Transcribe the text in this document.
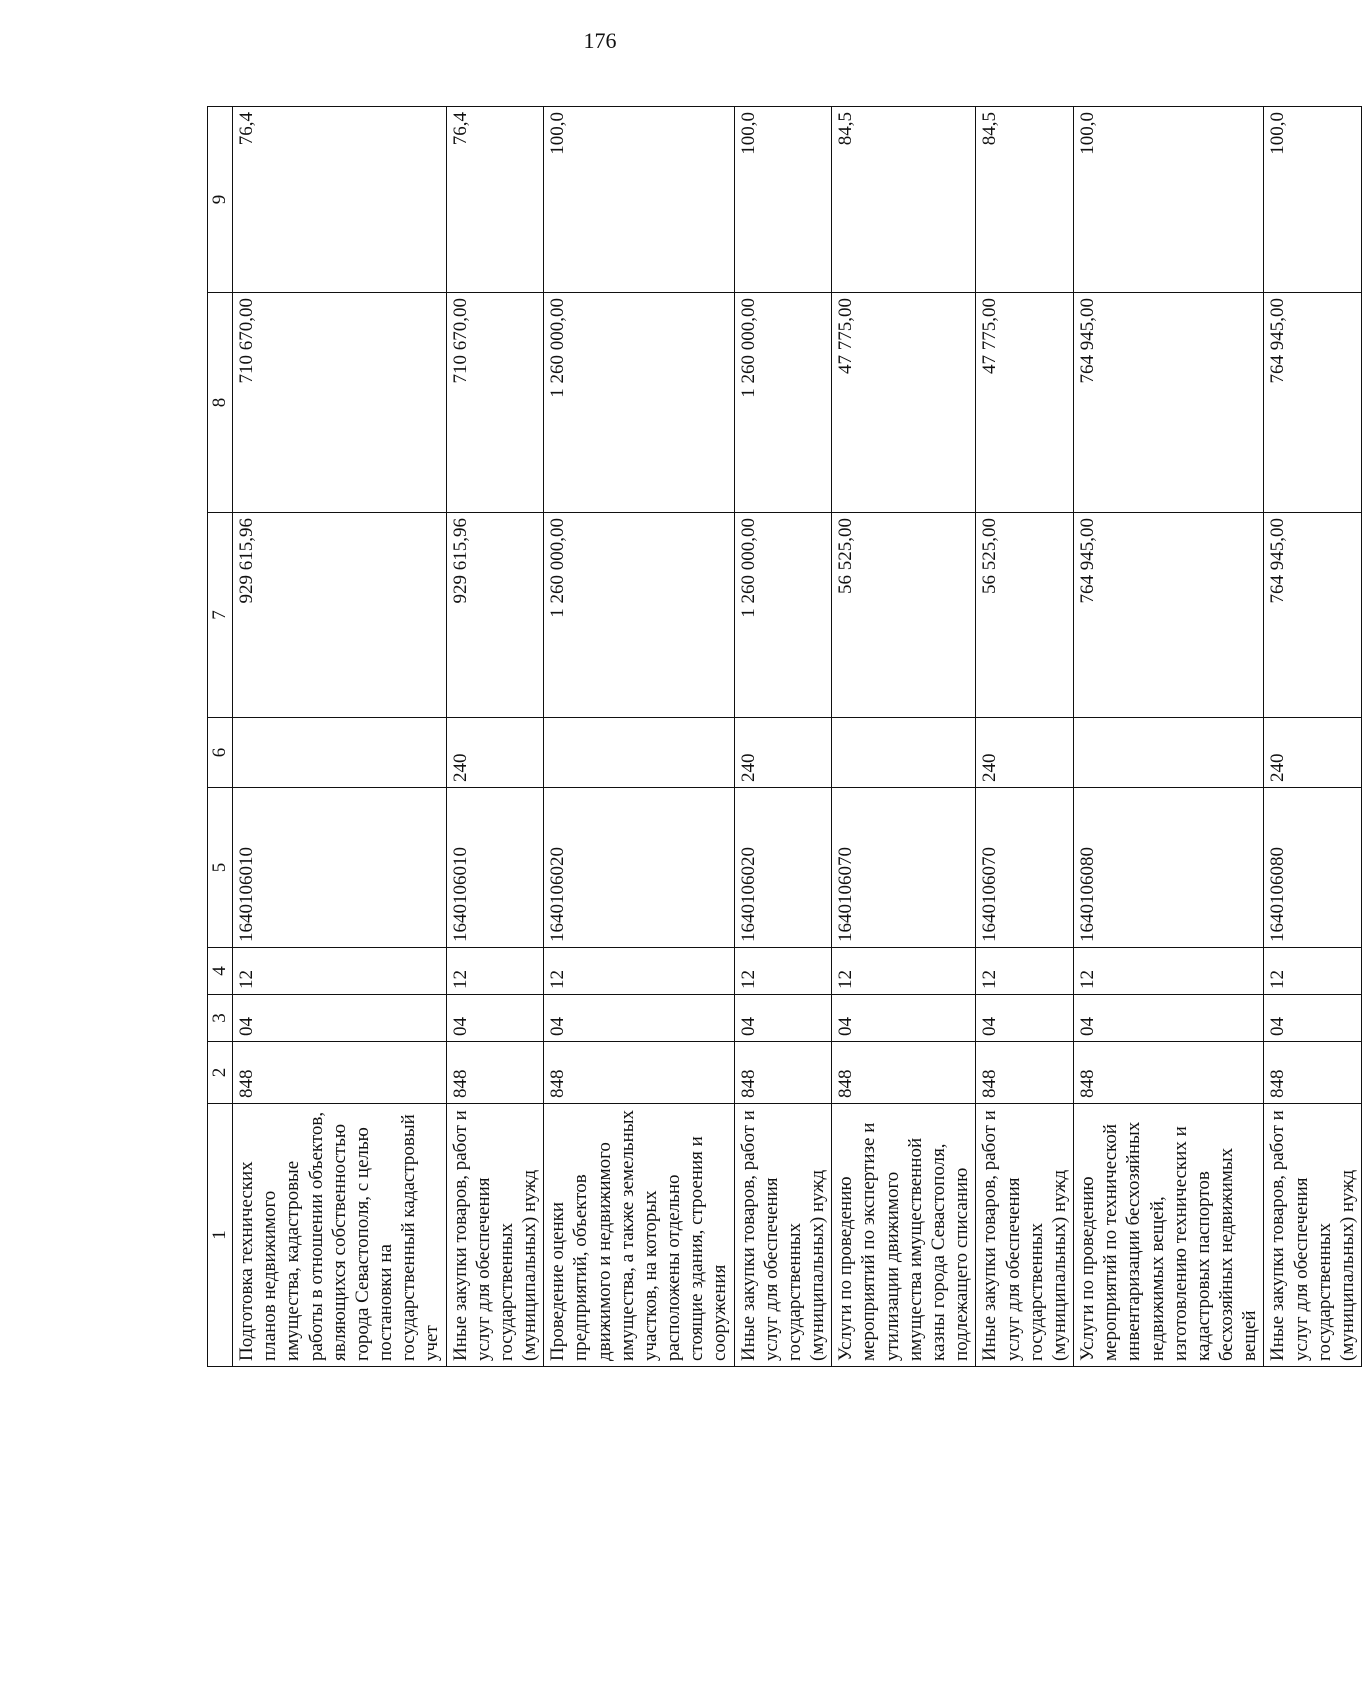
176
1	2	3	4	5	6	7	8	9
Подготовка технических планов недвижимого имущества, кадастровые работы в отношении объектов, являющихся собственностью города Севастополя, с целью постановки на государственный кадастровый учет	848	04	12	1640106010		929 615,96	710 670,00	76,4
Иные закупки товаров, работ и услуг для обеспечения государственных (муниципальных) нужд	848	04	12	1640106010	240	929 615,96	710 670,00	76,4
Проведение оценки предприятий, объектов движимого и недвижимого имущества, а также земельных участков, на которых расположены отдельно стоящие здания, строения и сооружения	848	04	12	1640106020		1 260 000,00	1 260 000,00	100,0
Иные закупки товаров, работ и услуг для обеспечения государственных (муниципальных) нужд	848	04	12	1640106020	240	1 260 000,00	1 260 000,00	100,0
Услуги по проведению мероприятий по экспертизе и утилизации движимого имущества имущественной казны города Севастополя, подлежащего списанию	848	04	12	1640106070		56 525,00	47 775,00	84,5
Иные закупки товаров, работ и услуг для обеспечения государственных (муниципальных) нужд	848	04	12	1640106070	240	56 525,00	47 775,00	84,5
Услуги по проведению мероприятий по технической инвентаризации бесхозяйных недвижимых вещей, изготовлению технических и кадастровых паспортов бесхозяйных недвижимых вещей	848	04	12	1640106080		764 945,00	764 945,00	100,0
Иные закупки товаров, работ и услуг для обеспечения государственных (муниципальных) нужд	848	04	12	1640106080	240	764 945,00	764 945,00	100,0
